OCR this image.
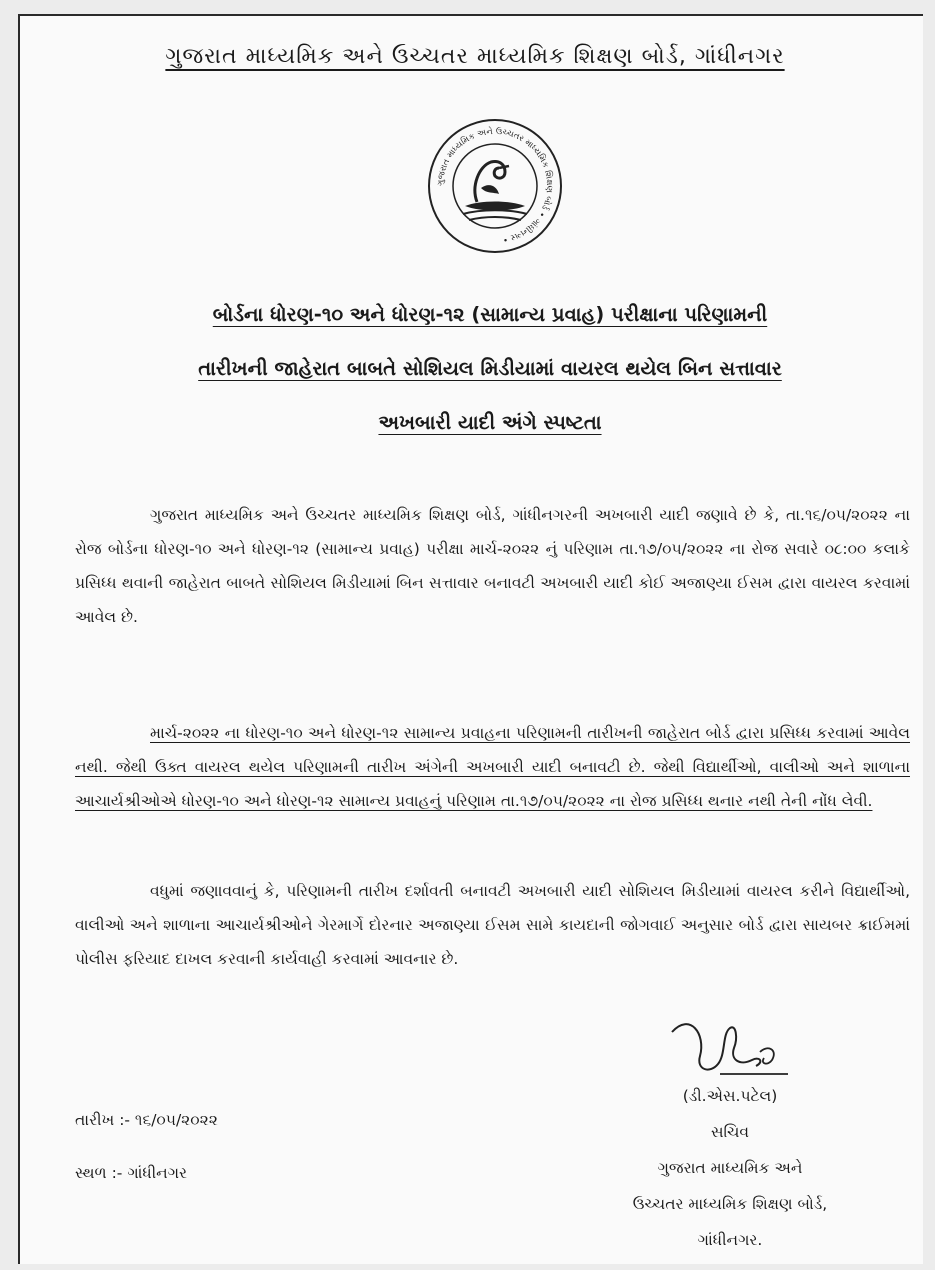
ગુજરાત માધ્યમિક અને ઉચ્ચતર માધ્યમિક શિક્ષણ બોર્ડ, ગાંધીનગર
ગુજરાત માધ્યમિક અને ઉચ્ચતર માધ્યમિક શિક્ષણ બોર્ડ • ગાંધીનગર •
બોર્ડના ધોરણ-૧૦ અને ધોરણ-૧૨ (સામાન્ય પ્રવાહ) પરીક્ષાના પરિણામની
તારીખની જાહેરાત બાબતે સોશિયલ મિડીયામાં વાયરલ થયેલ બિન સત્તાવાર
અખબારી યાદી અંગે સ્પષ્ટતા
ગુજરાત માધ્યમિક અને ઉચ્ચતર માધ્યમિક શિક્ષણ બોર્ડ, ગાંધીનગરની અખબારી યાદી જણાવે છે કે, તા.૧૬/૦૫/૨૦૨૨ ના રોજ બોર્ડના ધોરણ-૧૦ અને ધોરણ-૧૨ (સામાન્ય પ્રવાહ) પરીક્ષા માર્ચ-૨૦૨૨ નું પરિણામ તા.૧૭/૦૫/૨૦૨૨ ના રોજ સવારે ૦૮:૦૦ કલાકે પ્રસિધ્ધ થવાની જાહેરાત બાબતે સોશિયલ મિડીયામાં બિન સત્તાવાર બનાવટી અખબારી યાદી કોઈ અજાણ્યા ઈસમ દ્વારા વાયરલ કરવામાં આવેલ છે.
માર્ચ-૨૦૨૨ ના ધોરણ-૧૦ અને ધોરણ-૧૨ સામાન્ય પ્રવાહના પરિણામની તારીખની જાહેરાત બોર્ડ દ્વારા પ્રસિધ્ધ કરવામાં આવેલ નથી. જેથી ઉક્ત વાયરલ થયેલ પરિણામની તારીખ અંગેની અખબારી યાદી બનાવટી છે. જેથી વિદ્યાર્થીઓ, વાલીઓ અને શાળાના આચાર્યશ્રીઓએ ધોરણ-૧૦ અને ધોરણ-૧૨ સામાન્ય પ્રવાહનું પરિણામ તા.૧૭/૦૫/૨૦૨૨ ના રોજ પ્રસિધ્ધ થનાર નથી તેની નોંધ લેવી.
વધુમાં જણાવવાનું કે, પરિણામની તારીખ દર્શાવતી બનાવટી અખબારી યાદી સોશિયલ મિડીયામાં વાયરલ કરીને વિદ્યાર્થીઓ, વાલીઓ અને શાળાના આચાર્યશ્રીઓને ગેરમાર્ગે દોરનાર અજાણ્યા ઈસમ સામે કાયદાની જોગવાઈ અનુસાર બોર્ડ દ્વારા સાયબર ક્રાઈમમાં પોલીસ ફરિયાદ દાખલ કરવાની કાર્યવાહી કરવામાં આવનાર છે.
(ડી.એસ.પટેલ)
સચિવ
ગુજરાત માધ્યમિક અને
ઉચ્ચતર માધ્યમિક શિક્ષણ બોર્ડ,
ગાંધીનગર.
તારીખ :- ૧૬/૦૫/૨૦૨૨
સ્થળ :- ગાંધીનગર
